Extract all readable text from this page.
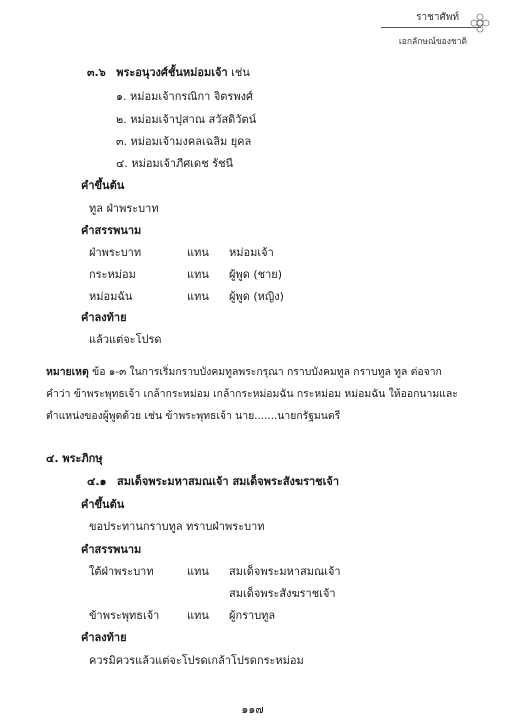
ราชาศัพท์
เอกลักษณ์ของชาติ
๓.๖ พระอนุวงศ์ชั้นหม่อมเจ้า เช่น
๑. หม่อมเจ้ากรณิกา จิตรพงศ์
๒. หม่อมเจ้าปุสาณ สวัสดิวัตน์
๓. หม่อมเจ้ามงคลเฉลิม ยุคล
๔. หม่อมเจ้าภีศเดช รัชนี
คำขึ้นต้น
ทูล ฝ่าพระบาท
คำสรรพนาม
ฝ่าพระบาท	แทน หม่อมเจ้า
กระหม่อม	แทน ผู้พูด (ชาย)
หม่อมฉัน	แทน ผู้พูด (หญิง)
คำลงท้าย
แล้วแต่จะโปรด
หมายเหตุ ข้อ ๑-๓ ในการเริ่มกราบบังคมทูลพระกรุณา กราบบังคมทูล กราบทูล ทูล ต่อจาก
คำว่า ข้าพระพุทธเจ้า เกล้ากระหม่อม เกล้ากระหม่อมฉัน กระหม่อม หม่อมฉัน ให้ออกนามและ
ตำแหน่งของผู้พูดด้วย เช่น ข้าพระพุทธเจ้า นาย.......นายกรัฐมนตรี
๔. พระภิกษุ
๔.๑ สมเด็จพระมหาสมณเจ้า สมเด็จพระสังฆราชเจ้า
คำขึ้นต้น
ขอประทานกราบทูล ทราบฝ่าพระบาท
คำสรรพนาม
ใต้ฝ่าพระบาท	แทน สมเด็จพระมหาสมณเจ้า
สมเด็จพระสังฆราชเจ้า
ข้าพระพุทธเจ้า	แทน ผู้กราบทูล
คำลงท้าย
ควรมิควรแล้วแต่จะโปรดเกล้าโปรดกระหม่อม
๑๑๗
